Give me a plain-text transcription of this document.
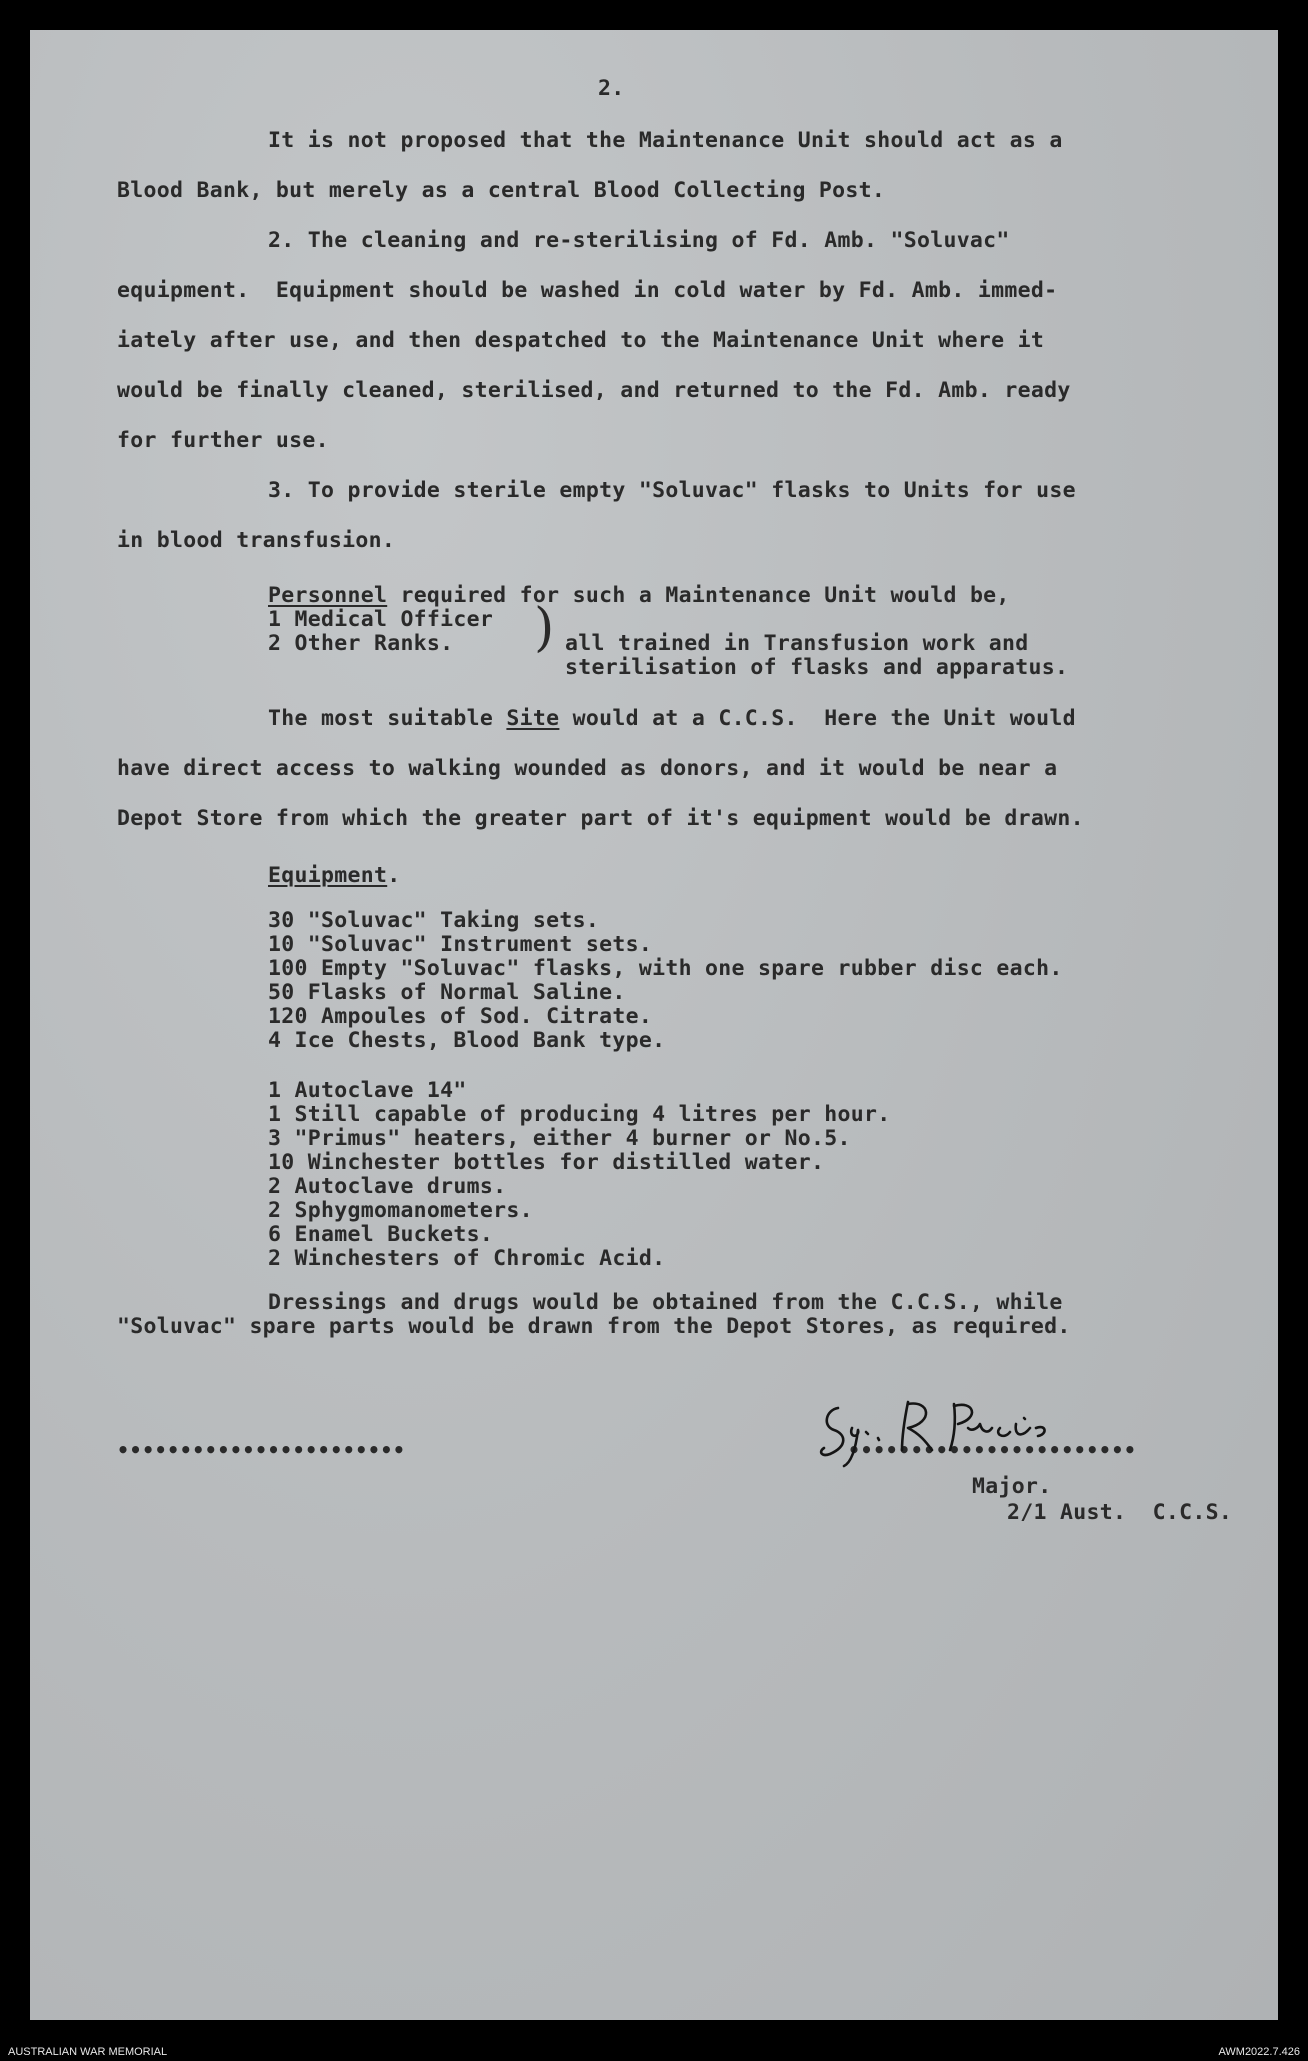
2.
It is not proposed that the Maintenance Unit should act as a
Blood Bank, but merely as a central Blood Collecting Post.
2. The cleaning and re-sterilising of Fd. Amb. "Soluvac"
equipment.  Equipment should be washed in cold water by Fd. Amb. immed-
iately after use, and then despatched to the Maintenance Unit where it
would be finally cleaned, sterilised, and returned to the Fd. Amb. ready
for further use.
3. To provide sterile empty "Soluvac" flasks to Units for use
in blood transfusion.
Personnel required for such a Maintenance Unit would be,
1 Medical Officer
2 Other Ranks. ) all trained in Transfusion work and
sterilisation of flasks and apparatus.
The most suitable Site would at a C.C.S.  Here the Unit would
have direct access to walking wounded as donors, and it would be near a
Depot Store from which the greater part of it's equipment would be drawn.
Equipment.
30 "Soluvac" Taking sets.
10 "Soluvac" Instrument sets.
100 Empty "Soluvac" flasks, with one spare rubber disc each.
50 Flasks of Normal Saline.
120 Ampoules of Sod. Citrate.
4 Ice Chests, Blood Bank type.
1 Autoclave 14"
1 Still capable of producing 4 litres per hour.
3 "Primus" heaters, either 4 burner or No.5.
10 Winchester bottles for distilled water.
2 Autoclave drums.
2 Sphygmomanometers.
6 Enamel Buckets.
2 Winchesters of Chromic Acid.
Dressings and drugs would be obtained from the C.C.S., while
"Soluvac" spare parts would be drawn from the Depot Stores, as required.
•••••••••••••••••••••••	•••••••••••••••••••••••
Major.
2/1 Aust.  C.C.S.
AUSTRALIAN WAR MEMORIAL	AWM2022.7.426
